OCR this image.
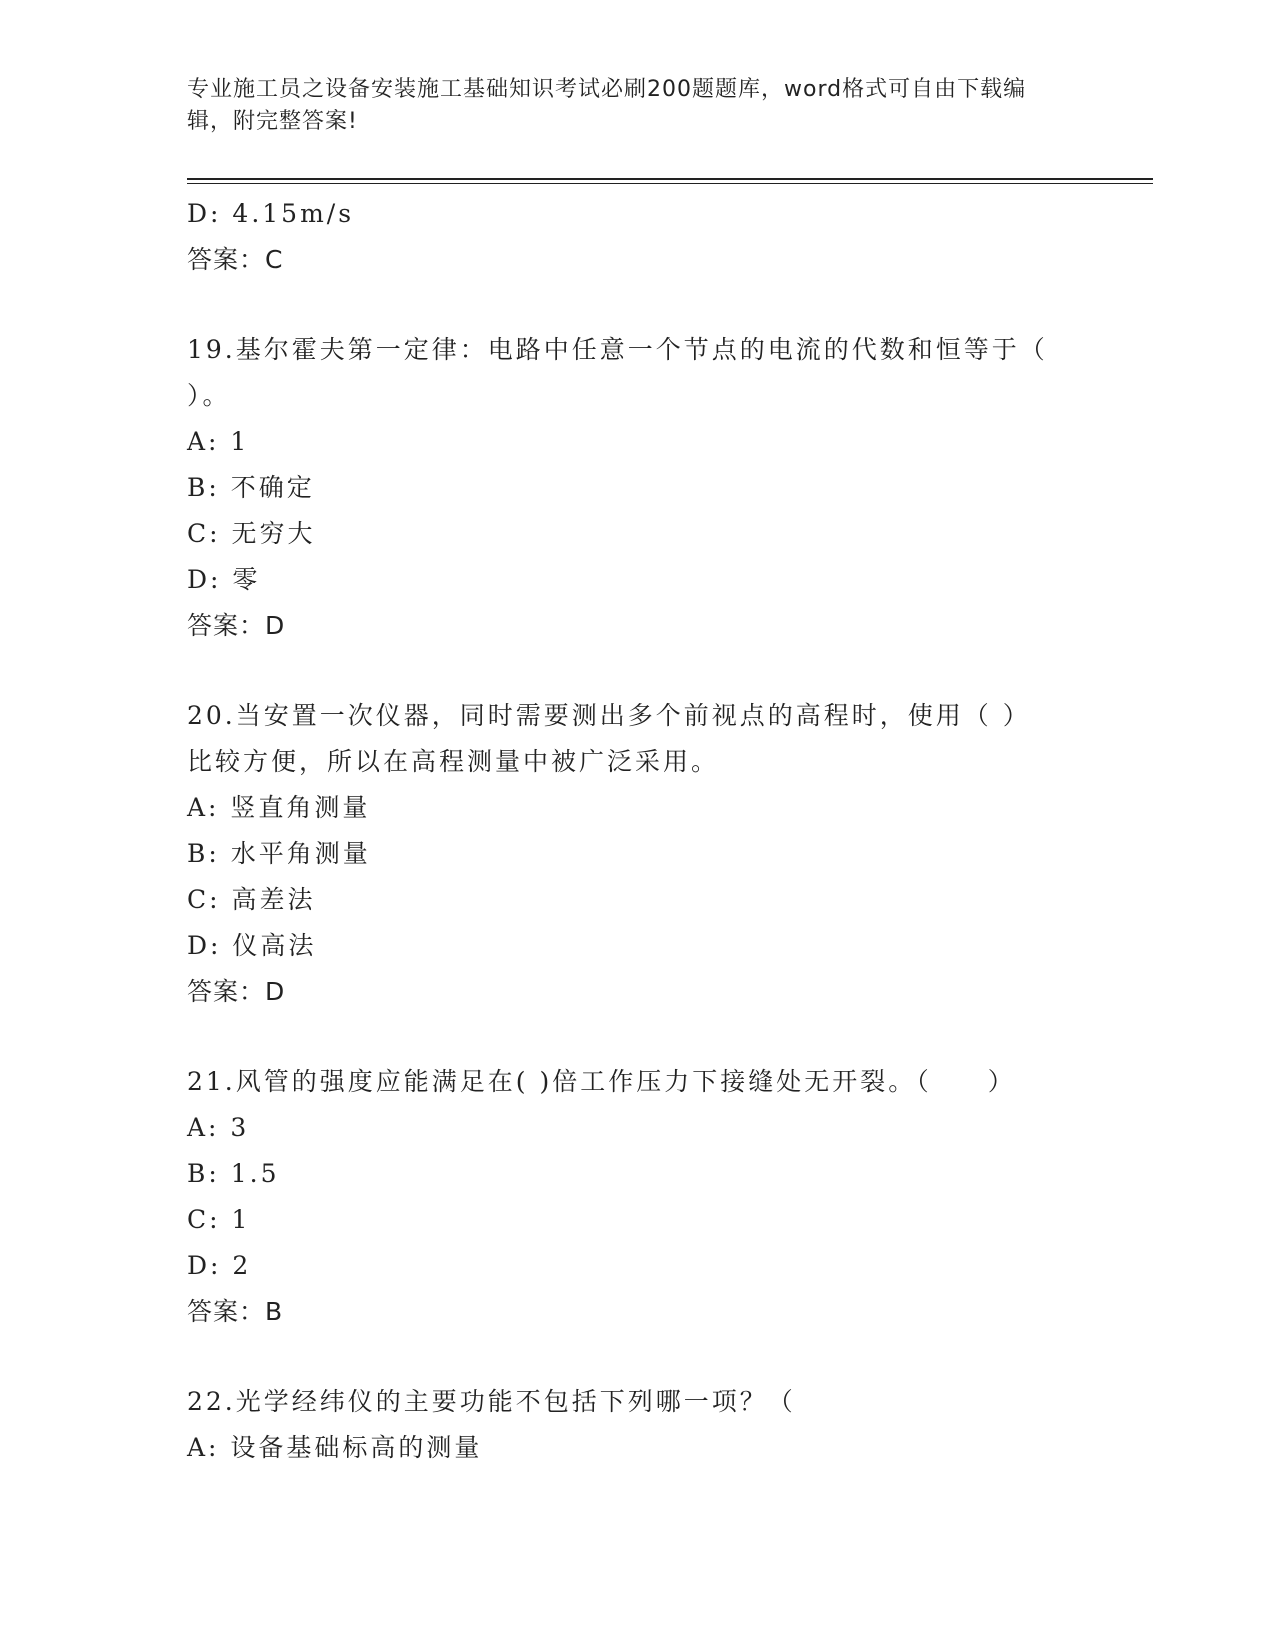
专业施工员之设备安装施工基础知识考试必刷200题题库，word格式可自由下载编辑，附完整答案!

D: 4.15m/s

答案：C

19.基尔霍夫第一定律：电路中任意一个节点的电流的代数和恒等于（

）。

A: 1

B: 不确定

C: 无穷大

D: 零

答案：D

20.当安置一次仪器，同时需要测出多个前视点的高程时，使用（ ）

比较方便，所以在高程测量中被广泛采用。

A: 竖直角测量

B: 水平角测量

C: 高差法

D: 仪高法

答案：D

21.风管的强度应能满足在( )倍工作压力下接缝处无开裂。（　　）

A: 3

B: 1.5

C: 1

D: 2

答案：B

22.光学经纬仪的主要功能不包括下列哪一项？（

A: 设备基础标高的测量
